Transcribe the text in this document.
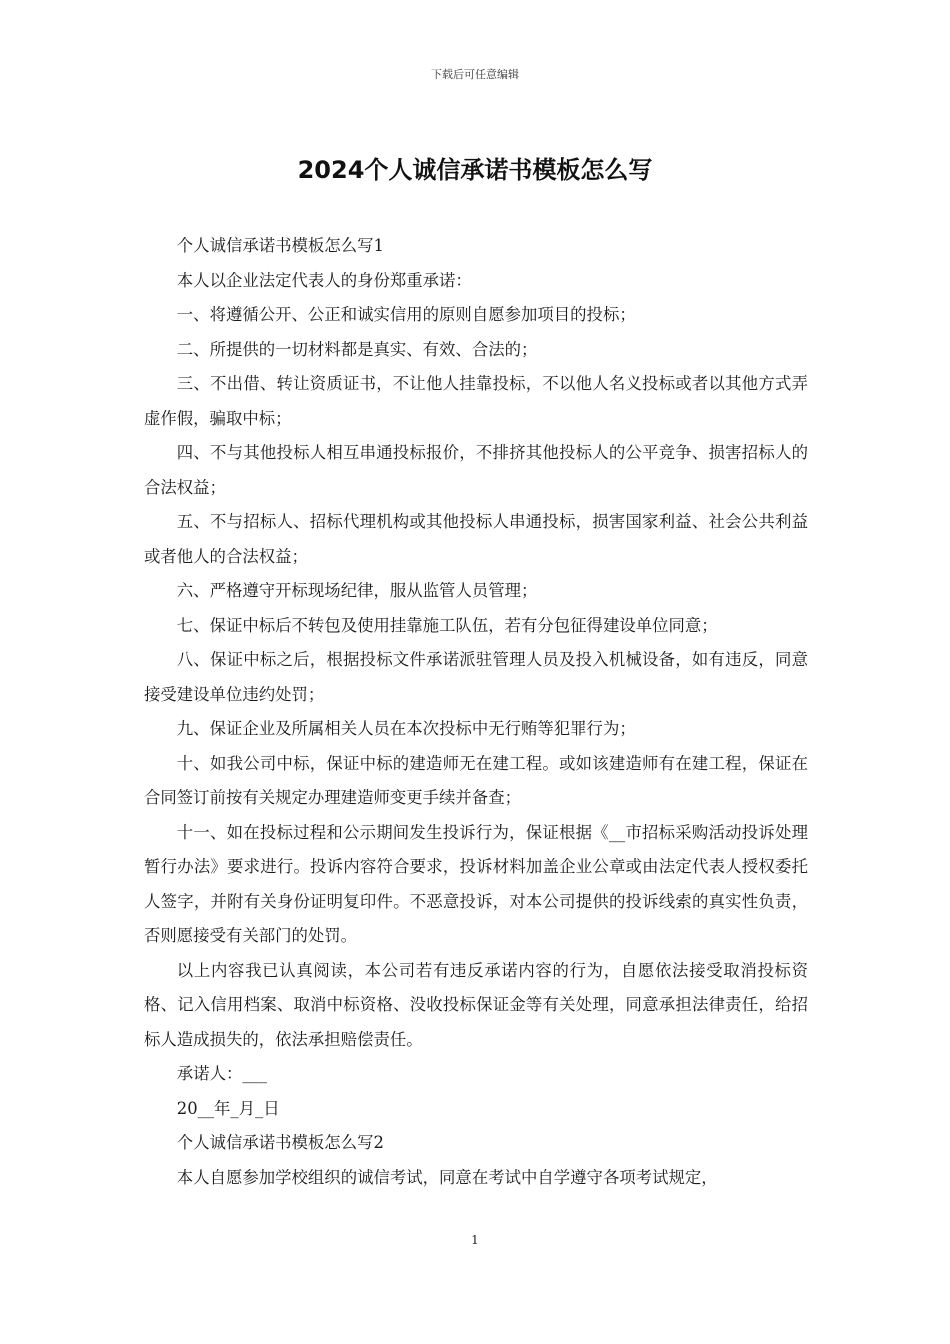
下载后可任意编辑
2024个人诚信承诺书模板怎么写

个人诚信承诺书模板怎么写1

本人以企业法定代表人的身份郑重承诺：

一、将遵循公开、公正和诚实信用的原则自愿参加项目的投标；

二、所提供的一切材料都是真实、有效、合法的；

三、不出借、转让资质证书，不让他人挂靠投标，不以他人名义投标或者以其他方式弄虚作假，骗取中标；

四、不与其他投标人相互串通投标报价，不排挤其他投标人的公平竞争、损害招标人的合法权益；

五、不与招标人、招标代理机构或其他投标人串通投标，损害国家利益、社会公共利益或者他人的合法权益；

六、严格遵守开标现场纪律，服从监管人员管理；

七、保证中标后不转包及使用挂靠施工队伍，若有分包征得建设单位同意；

八、保证中标之后，根据投标文件承诺派驻管理人员及投入机械设备，如有违反，同意接受建设单位违约处罚；

九、保证企业及所属相关人员在本次投标中无行贿等犯罪行为；

十、如我公司中标，保证中标的建造师无在建工程。或如该建造师有在建工程，保证在合同签订前按有关规定办理建造师变更手续并备查；

十一、如在投标过程和公示期间发生投诉行为，保证根据《__市招标采购活动投诉处理暂行办法》要求进行。投诉内容符合要求，投诉材料加盖企业公章或由法定代表人授权委托人签字，并附有关身份证明复印件。不恶意投诉，对本公司提供的投诉线索的真实性负责，否则愿接受有关部门的处罚。

以上内容我已认真阅读，本公司若有违反承诺内容的行为，自愿依法接受取消投标资格、记入信用档案、取消中标资格、没收投标保证金等有关处理，同意承担法律责任，给招标人造成损失的，依法承担赔偿责任。

承诺人：___

20__年_月_日

个人诚信承诺书模板怎么写2

本人自愿参加学校组织的诚信考试，同意在考试中自学遵守各项考试规定，

1
